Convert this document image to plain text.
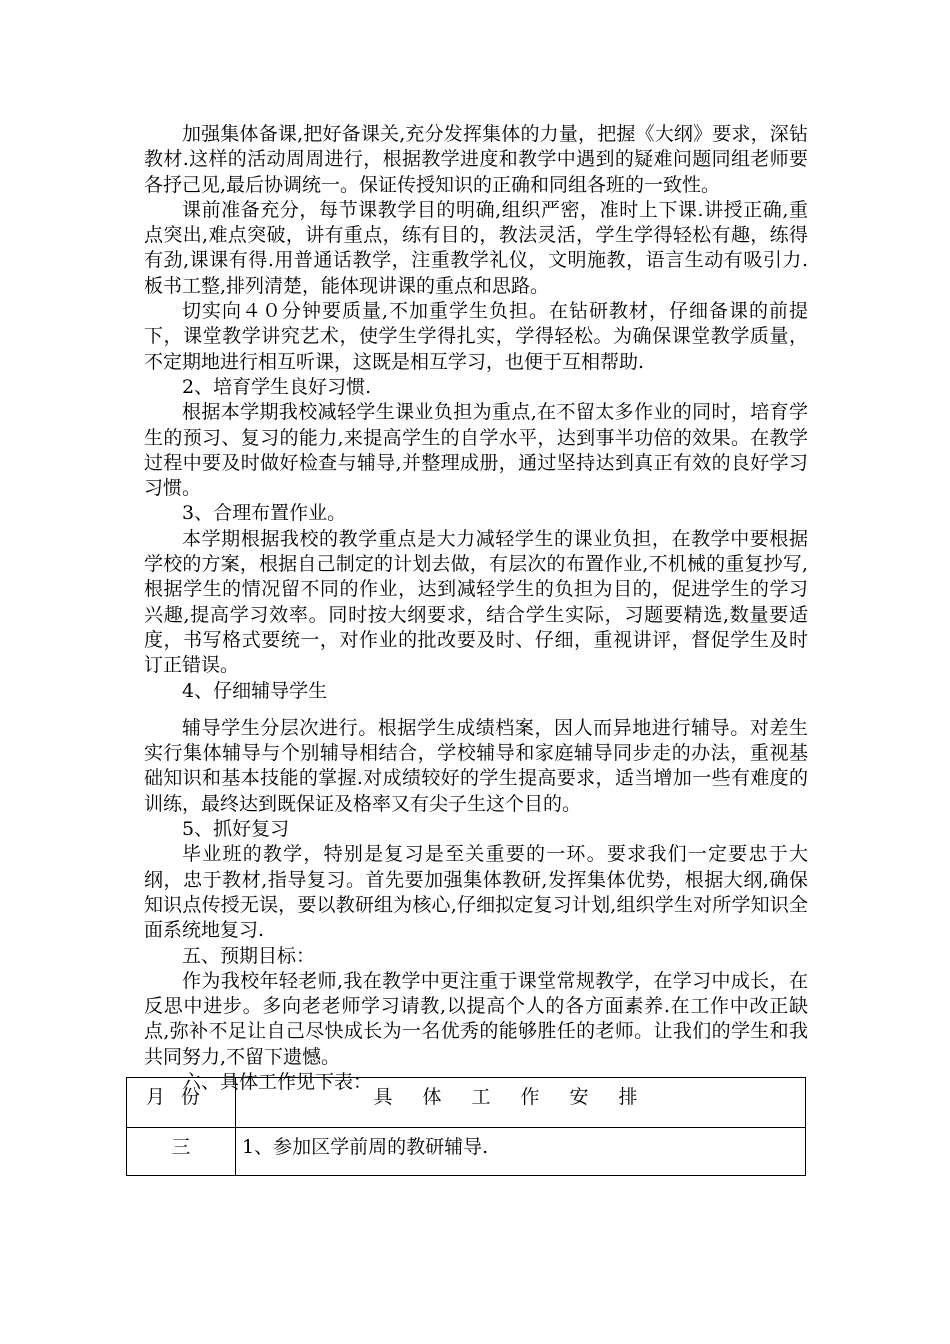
加强集体备课,把好备课关,充分发挥集体的力量，把握《大纲》要求，深钻教材.这样的活动周周进行，根据教学进度和教学中遇到的疑难问题同组老师要各抒己见,最后协调统一。保证传授知识的正确和同组各班的一致性。

课前准备充分，每节课教学目的明确,组织严密，准时上下课.讲授正确,重点突出,难点突破，讲有重点，练有目的，教法灵活，学生学得轻松有趣，练得有劲,课课有得.用普通话教学，注重教学礼仪，文明施教，语言生动有吸引力.板书工整,排列清楚，能体现讲课的重点和思路。

切实向４０分钟要质量,不加重学生负担。在钻研教材，仔细备课的前提下，课堂教学讲究艺术，使学生学得扎实，学得轻松。为确保课堂教学质量，不定期地进行相互听课，这既是相互学习，也便于互相帮助.

2、培育学生良好习惯.

根据本学期我校减轻学生课业负担为重点,在不留太多作业的同时，培育学生的预习、复习的能力,来提高学生的自学水平，达到事半功倍的效果。在教学过程中要及时做好检查与辅导,并整理成册，通过坚持达到真正有效的良好学习习惯。

3、合理布置作业。

本学期根据我校的教学重点是大力减轻学生的课业负担，在教学中要根据学校的方案，根据自己制定的计划去做，有层次的布置作业,不机械的重复抄写,根据学生的情况留不同的作业，达到减轻学生的负担为目的，促进学生的学习兴趣,提高学习效率。同时按大纲要求，结合学生实际，习题要精选,数量要适度，书写格式要统一，对作业的批改要及时、仔细，重视讲评，督促学生及时订正错误。

4、仔细辅导学生

辅导学生分层次进行。根据学生成绩档案，因人而异地进行辅导。对差生实行集体辅导与个别辅导相结合，学校辅导和家庭辅导同步走的办法，重视基础知识和基本技能的掌握.对成绩较好的学生提高要求，适当增加一些有难度的训练，最终达到既保证及格率又有尖子生这个目的。

5、抓好复习

毕业班的教学，特别是复习是至关重要的一环。要求我们一定要忠于大纲，忠于教材,指导复习。首先要加强集体教研,发挥集体优势，根据大纲,确保知识点传授无误，要以教研组为核心,仔细拟定复习计划,组织学生对所学知识全面系统地复习.

五、预期目标：

作为我校年轻老师,我在教学中更注重于课堂常规教学，在学习中成长，在反思中进步。多向老老师学习请教,以提高个人的各方面素养.在工作中改正缺点,弥补不足让自己尽快成长为一名优秀的能够胜任的老师。让我们的学生和我共同努力,不留下遗憾。

六、具体工作见下表：

月份	具体工作安排

三	1、参加区学前周的教研辅导.
